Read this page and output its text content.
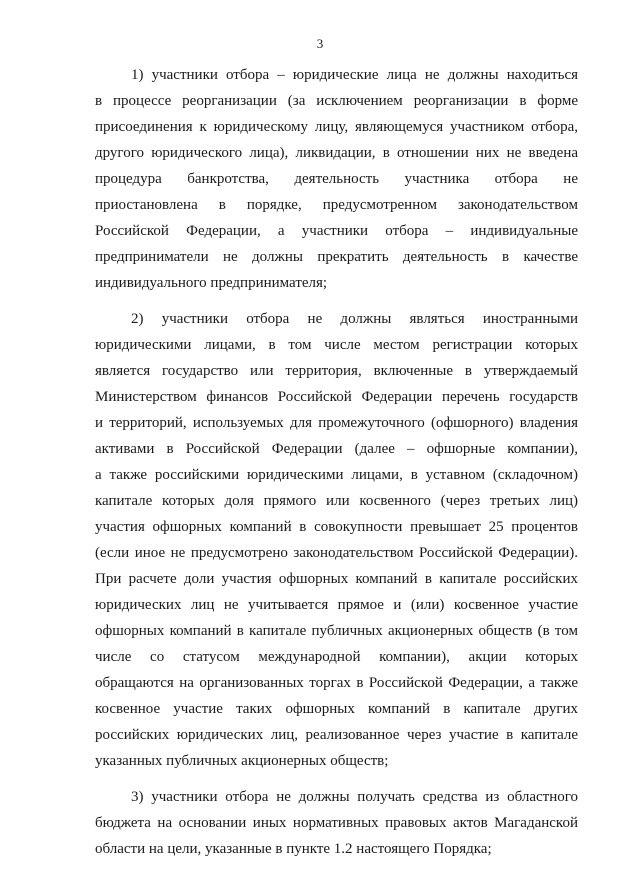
3
1) участники отбора – юридические лица не должны находиться
в процессе реорганизации (за исключением реорганизации в форме
присоединения к юридическому лицу, являющемуся участником отбора,
другого юридического лица), ликвидации, в отношении них не введена
процедура банкротства, деятельность участника отбора не
приостановлена в порядке, предусмотренном законодательством
Российской Федерации, а участники отбора – индивидуальные
предприниматели не должны прекратить деятельность в качестве
индивидуального предпринимателя;
2) участники отбора не должны являться иностранными
юридическими лицами, в том числе местом регистрации которых
является государство или территория, включенные в утверждаемый
Министерством финансов Российской Федерации перечень государств
и территорий, используемых для промежуточного (офшорного) владения
активами в Российской Федерации (далее – офшорные компании),
а также российскими юридическими лицами, в уставном (складочном)
капитале которых доля прямого или косвенного (через третьих лиц)
участия офшорных компаний в совокупности превышает 25 процентов
(если иное не предусмотрено законодательством Российской Федерации).
При расчете доли участия офшорных компаний в капитале российских
юридических лиц не учитывается прямое и (или) косвенное участие
офшорных компаний в капитале публичных акционерных обществ (в том
числе со статусом международной компании), акции которых
обращаются на организованных торгах в Российской Федерации, а также
косвенное участие таких офшорных компаний в капитале других
российских юридических лиц, реализованное через участие в капитале
указанных публичных акционерных обществ;
3) участники отбора не должны получать средства из областного
бюджета на основании иных нормативных правовых актов Магаданской
области на цели, указанные в пункте 1.2 настоящего Порядка;
